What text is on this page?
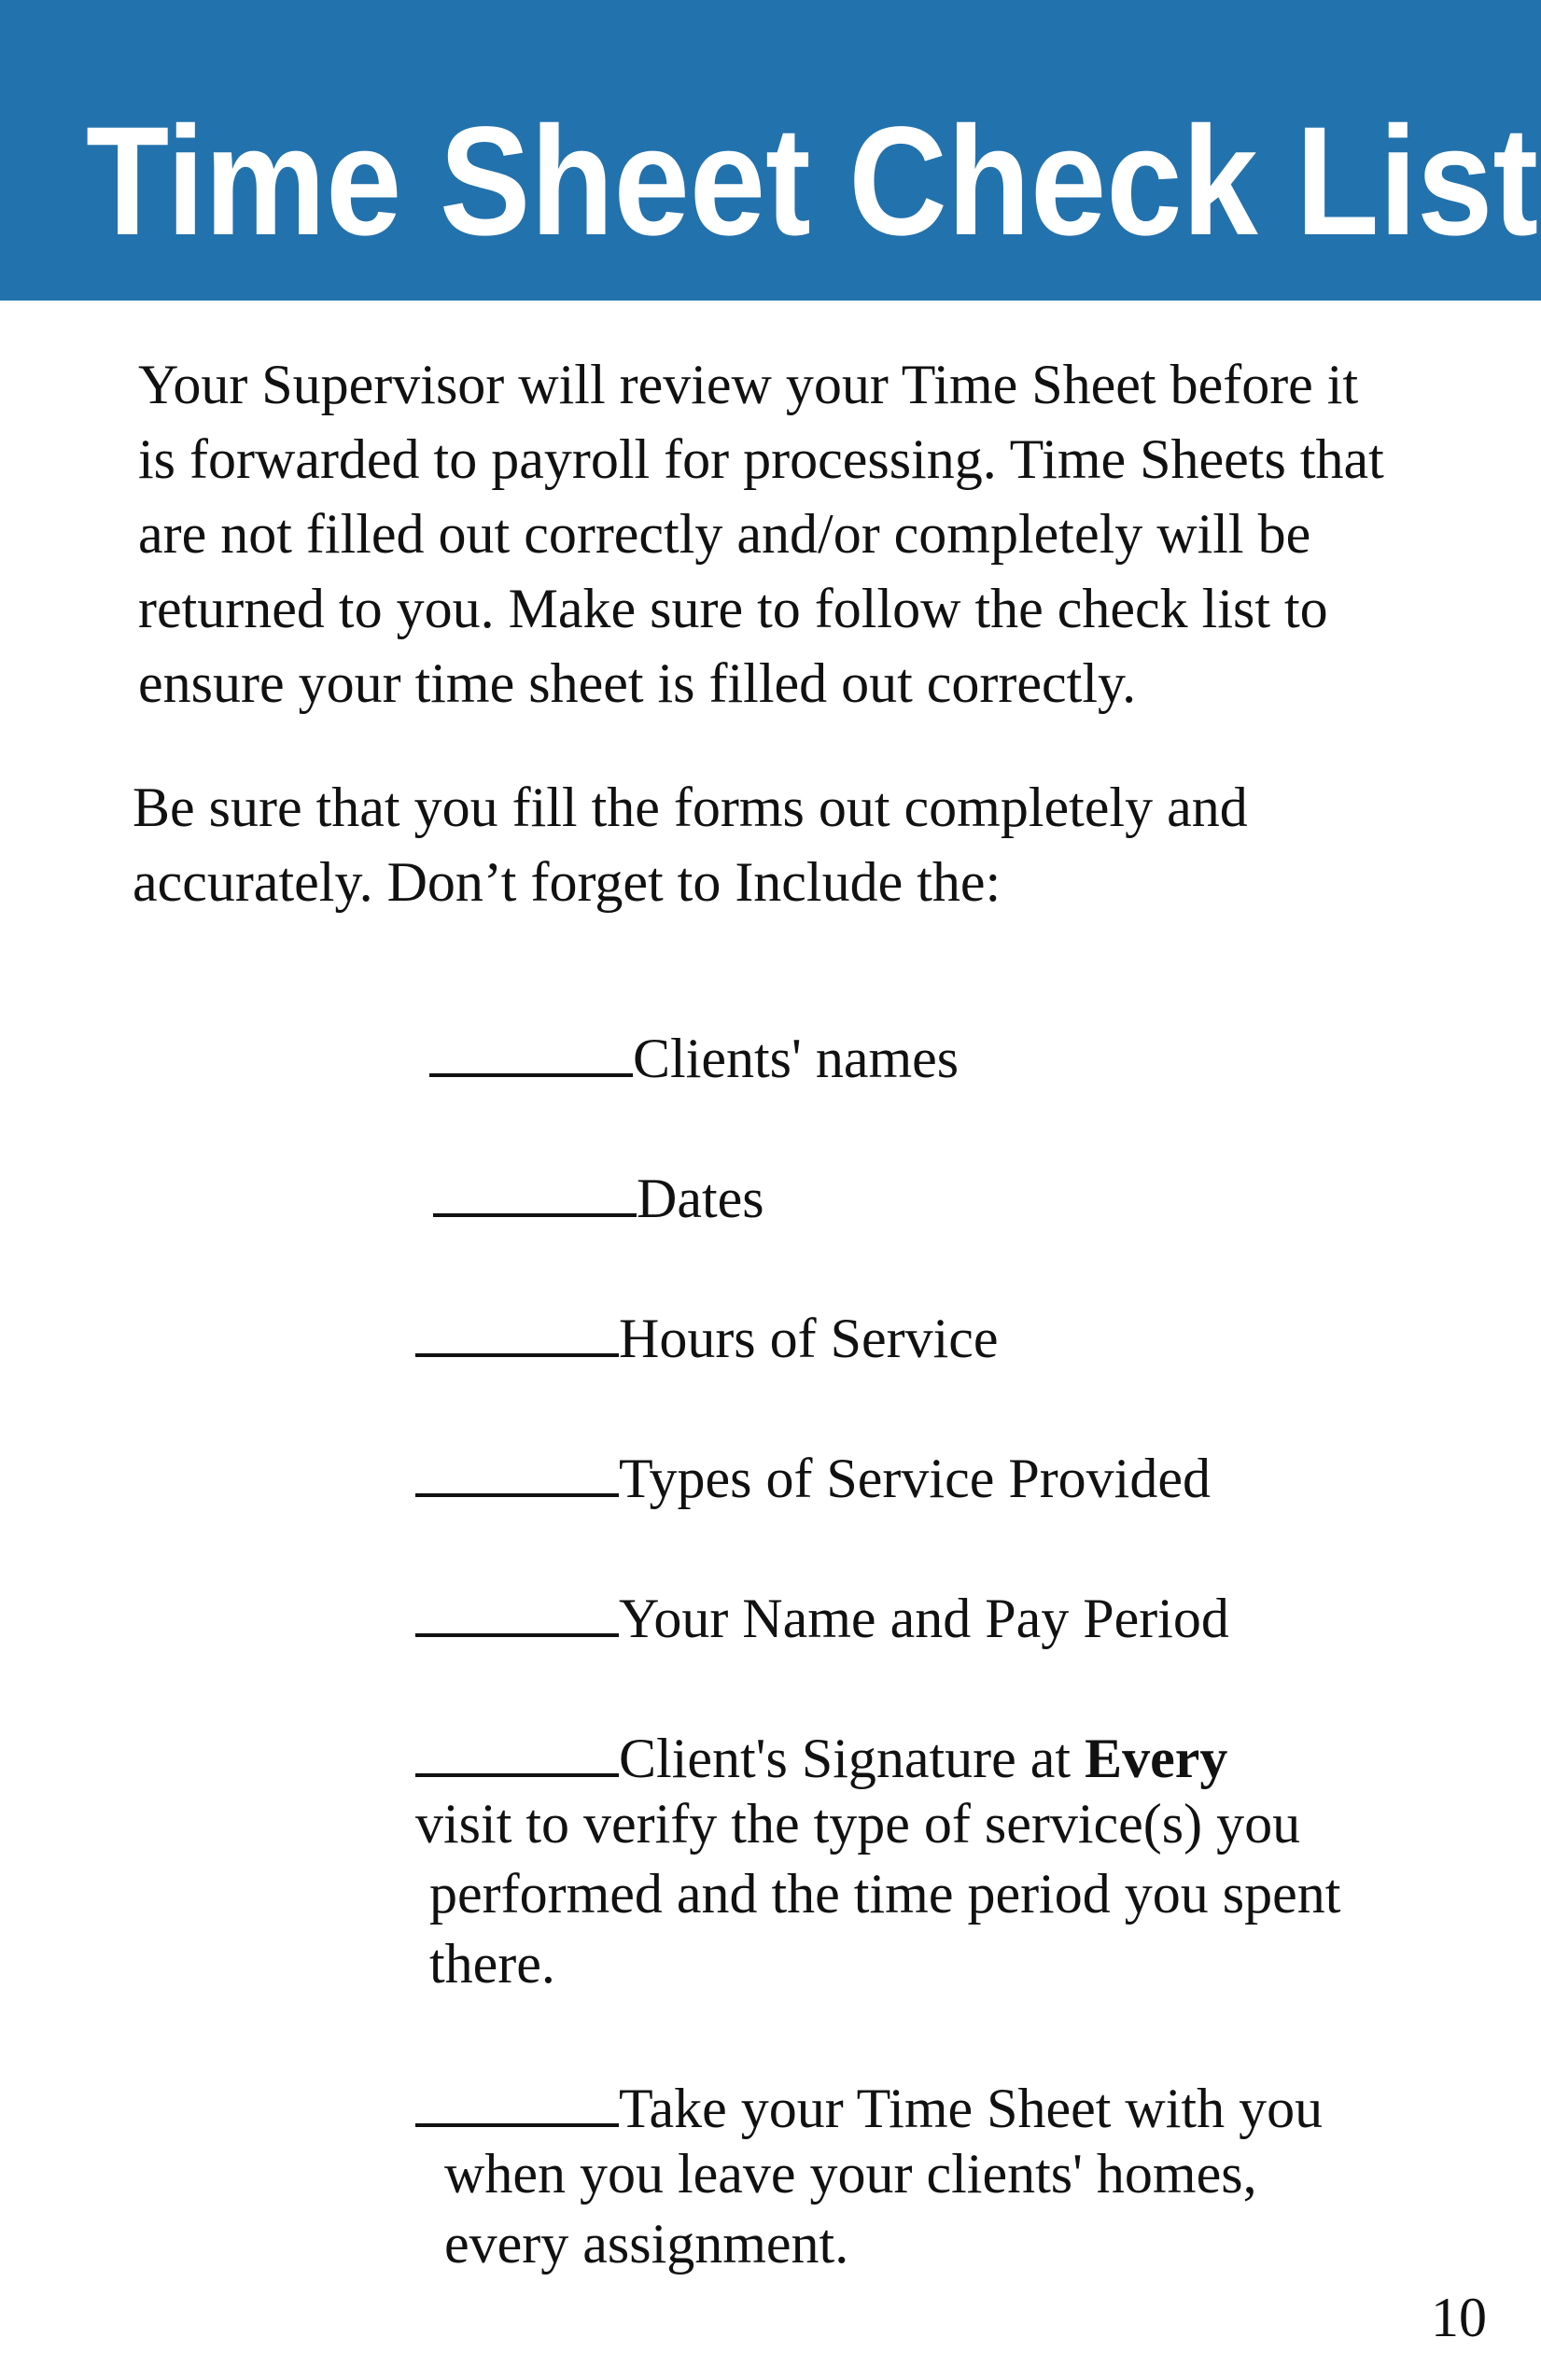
Time Sheet Check List

Your Supervisor will review your Time Sheet before it
is forwarded to payroll for processing. Time Sheets that
are not filled out correctly and/or completely will be
returned to you. Make sure to follow the check list to
ensure your time sheet is filled out correctly.

Be sure that you fill the forms out completely and
accurately. Don’t forget to Include the:

Clients' names
Dates
Hours of Service
Types of Service Provided
Your Name and Pay Period
Client's Signature at Every
visit to verify the type of service(s) you
performed and the time period you spent
there.
Take your Time Sheet with you
when you leave your clients' homes,
every assignment.
10
